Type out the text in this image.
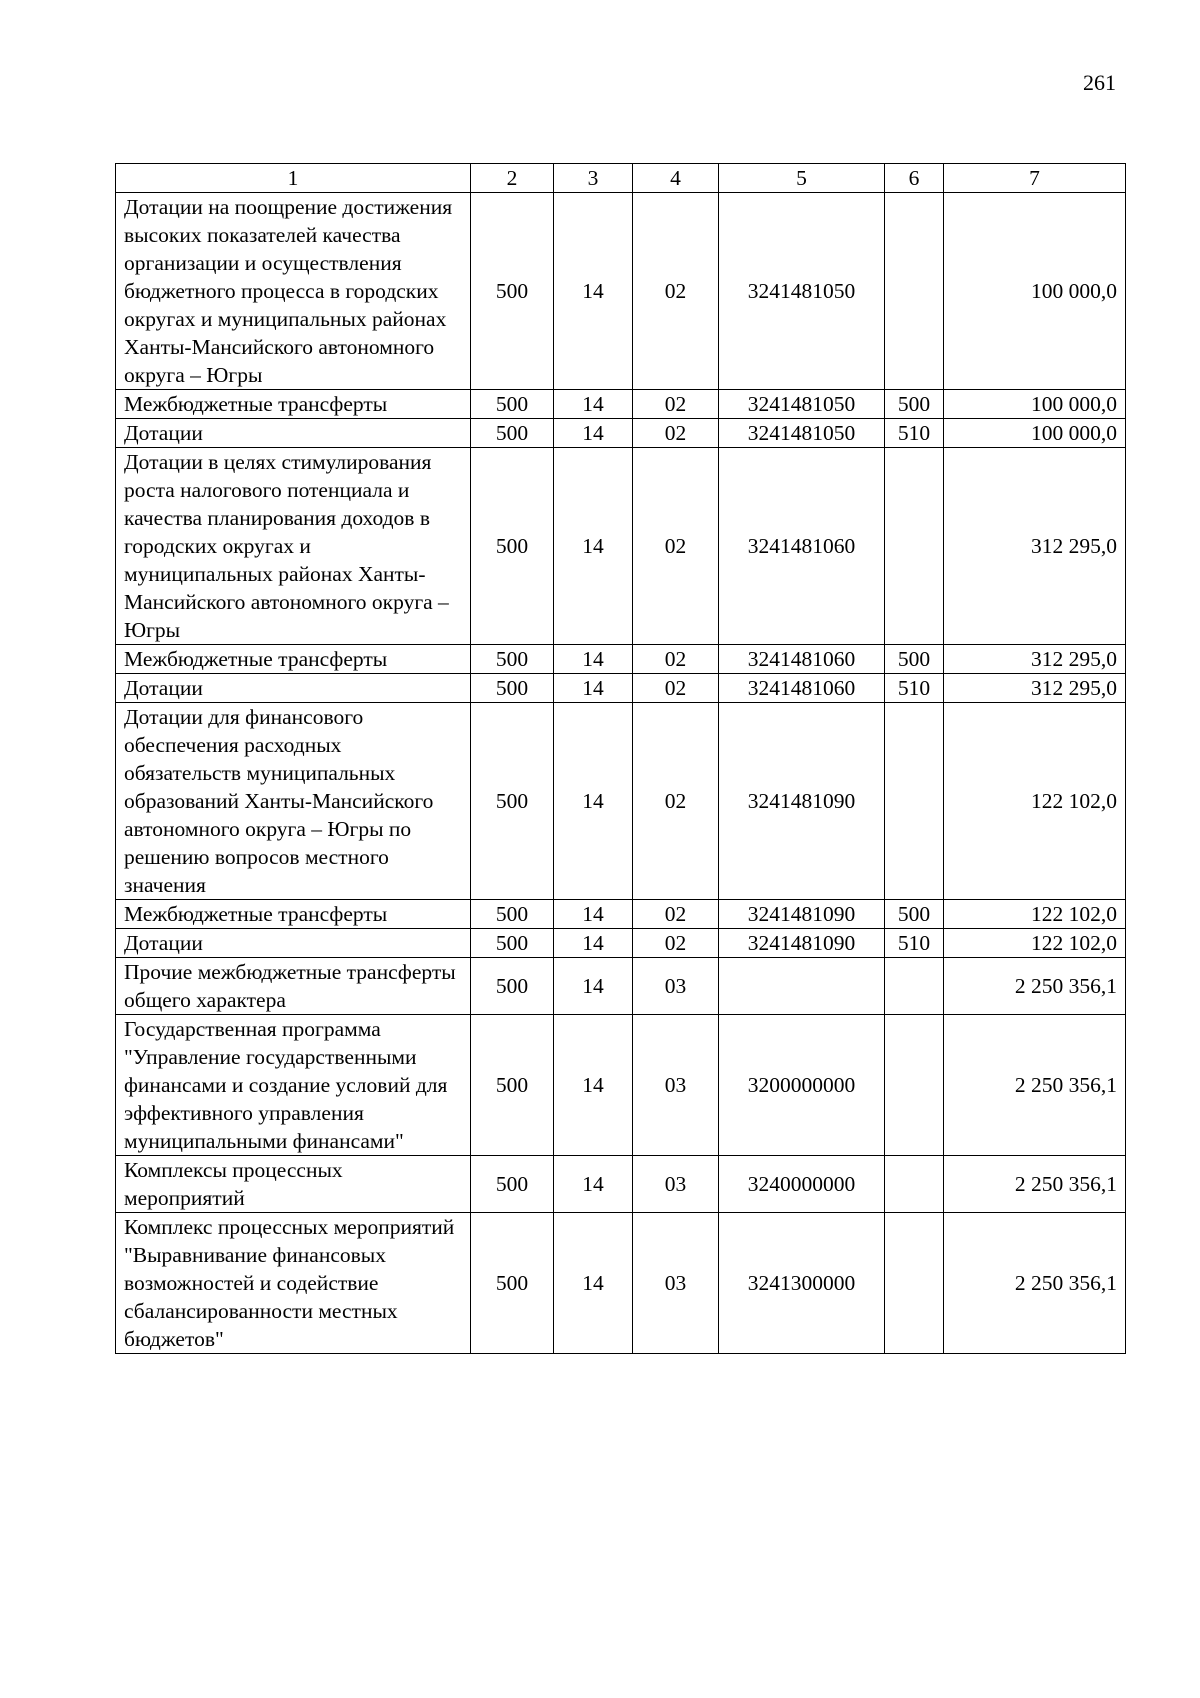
261
1	2	3	4	5	6	7
Дотации на поощрение достижения высоких показателей качества организации и осуществления бюджетного процесса в городских округах и муниципальных районах Ханты-Мансийского автономного округа – Югры	500	14	02	3241481050		100 000,0
Межбюджетные трансферты	500	14	02	3241481050	500	100 000,0
Дотации	500	14	02	3241481050	510	100 000,0
Дотации в целях стимулирования роста налогового потенциала и качества планирования доходов в городских округах и муниципальных районах Ханты-Мансийского автономного округа – Югры	500	14	02	3241481060		312 295,0
Межбюджетные трансферты	500	14	02	3241481060	500	312 295,0
Дотации	500	14	02	3241481060	510	312 295,0
Дотации для финансового обеспечения расходных обязательств муниципальных образований Ханты-Мансийского автономного округа – Югры по решению вопросов местного значения	500	14	02	3241481090		122 102,0
Межбюджетные трансферты	500	14	02	3241481090	500	122 102,0
Дотации	500	14	02	3241481090	510	122 102,0
Прочие межбюджетные трансферты общего характера	500	14	03			2 250 356,1
Государственная программа "Управление государственными финансами и создание условий для эффективного управления муниципальными финансами"	500	14	03	3200000000		2 250 356,1
Комплексы процессных мероприятий	500	14	03	3240000000		2 250 356,1
Комплекс процессных мероприятий "Выравнивание финансовых возможностей и содействие сбалансированности местных бюджетов"	500	14	03	3241300000		2 250 356,1
